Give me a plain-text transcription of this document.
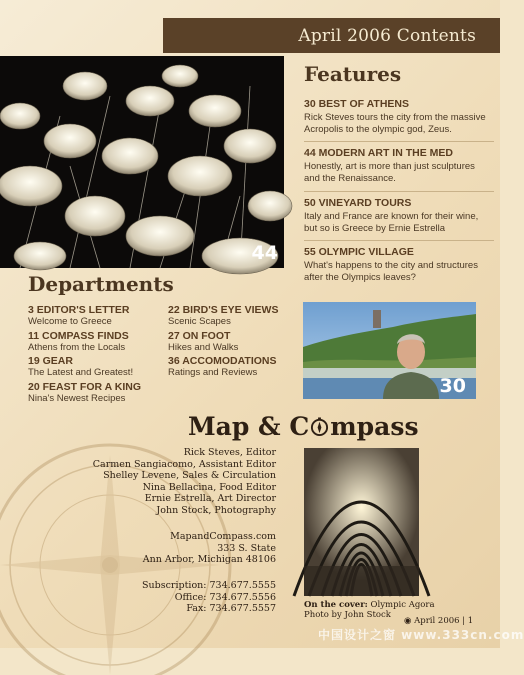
April 2006 Contents
44
Features
30 BEST OF ATHENS
Rick Steves tours the city from the massive
Acropolis to the olympic god, Zeus.
44 MODERN ART IN THE MED
Honestly, art is more than just sculptures
and the Renaissance.
50 VINEYARD TOURS
Italy and France are known for their wine,
but so is Greece by Ernie Estrella
55 OLYMPIC VILLAGE
What's happens to the city and structures
after the Olympics leaves?
Departments
3 EDITOR'S LETTER
Welcome to Greece
11 COMPASS FINDS
Athens from the Locals
19 GEAR
The Latest and Greatest!
20 FEAST FOR A KING
Nina's Newest Recipes
22 BIRD'S EYE VIEWS
Scenic Scapes
27 ON FOOT
Hikes and Walks
36 ACCOMODATIONS
Ratings and Reviews
30
Map & C mpass
Rick Steves, Editor
Carmen Sangiacomo, Assistant Editor
Shelley Levene, Sales & Circulation
Nina Bellacina, Food Editor
Ernie Estrella, Art Director
John Stock, Photography
MapandCompass.com
333 S. State
Ann Arbor, Michigan 48106
Subscription: 734.677.5555
Office: 734.677.5556
Fax: 734.677.5557	On the cover: Olympic Agora
Photo by John Stock
◉ April 2006 | 1
中国设计之窗 www.333cn.com
